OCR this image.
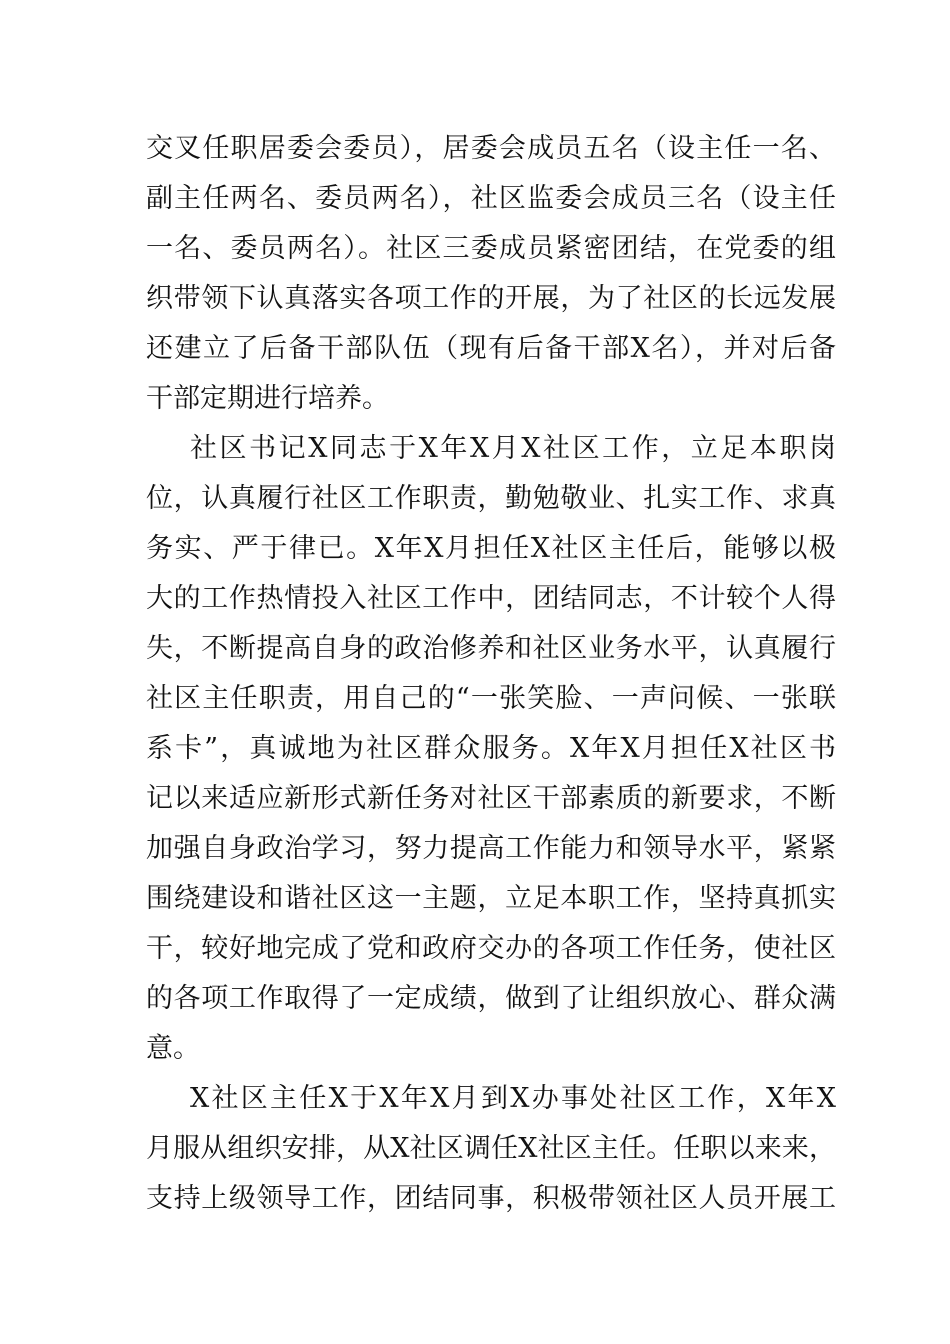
交叉任职居委会委员），居委会成员五名（设主任一名、
副主任两名、委员两名），社区监委会成员三名（设主任
一名、委员两名）。社区三委成员紧密团结，在党委的组
织带领下认真落实各项工作的开展，为了社区的长远发展
还建立了后备干部队伍（现有后备干部X名），并对后备
干部定期进行培养。
社区书记X同志于X年X月X社区工作，立足本职岗
位，认真履行社区工作职责，勤勉敬业、扎实工作、求真
务实、严于律已。X年X月担任X社区主任后，能够以极
大的工作热情投入社区工作中，团结同志，不计较个人得
失，不断提高自身的政治修养和社区业务水平，认真履行
社区主任职责，用自己的“一张笑脸、一声问候、一张联
系卡”，真诚地为社区群众服务。X年X月担任X社区书
记以来适应新形式新任务对社区干部素质的新要求，不断
加强自身政治学习，努力提高工作能力和领导水平，紧紧
围绕建设和谐社区这一主题，立足本职工作，坚持真抓实
干，较好地完成了党和政府交办的各项工作任务，使社区
的各项工作取得了一定成绩，做到了让组织放心、群众满
意。
X社区主任X于X年X月到X办事处社区工作，X年X
月服从组织安排，从X社区调任X社区主任。任职以来来，
支持上级领导工作，团结同事，积极带领社区人员开展工
